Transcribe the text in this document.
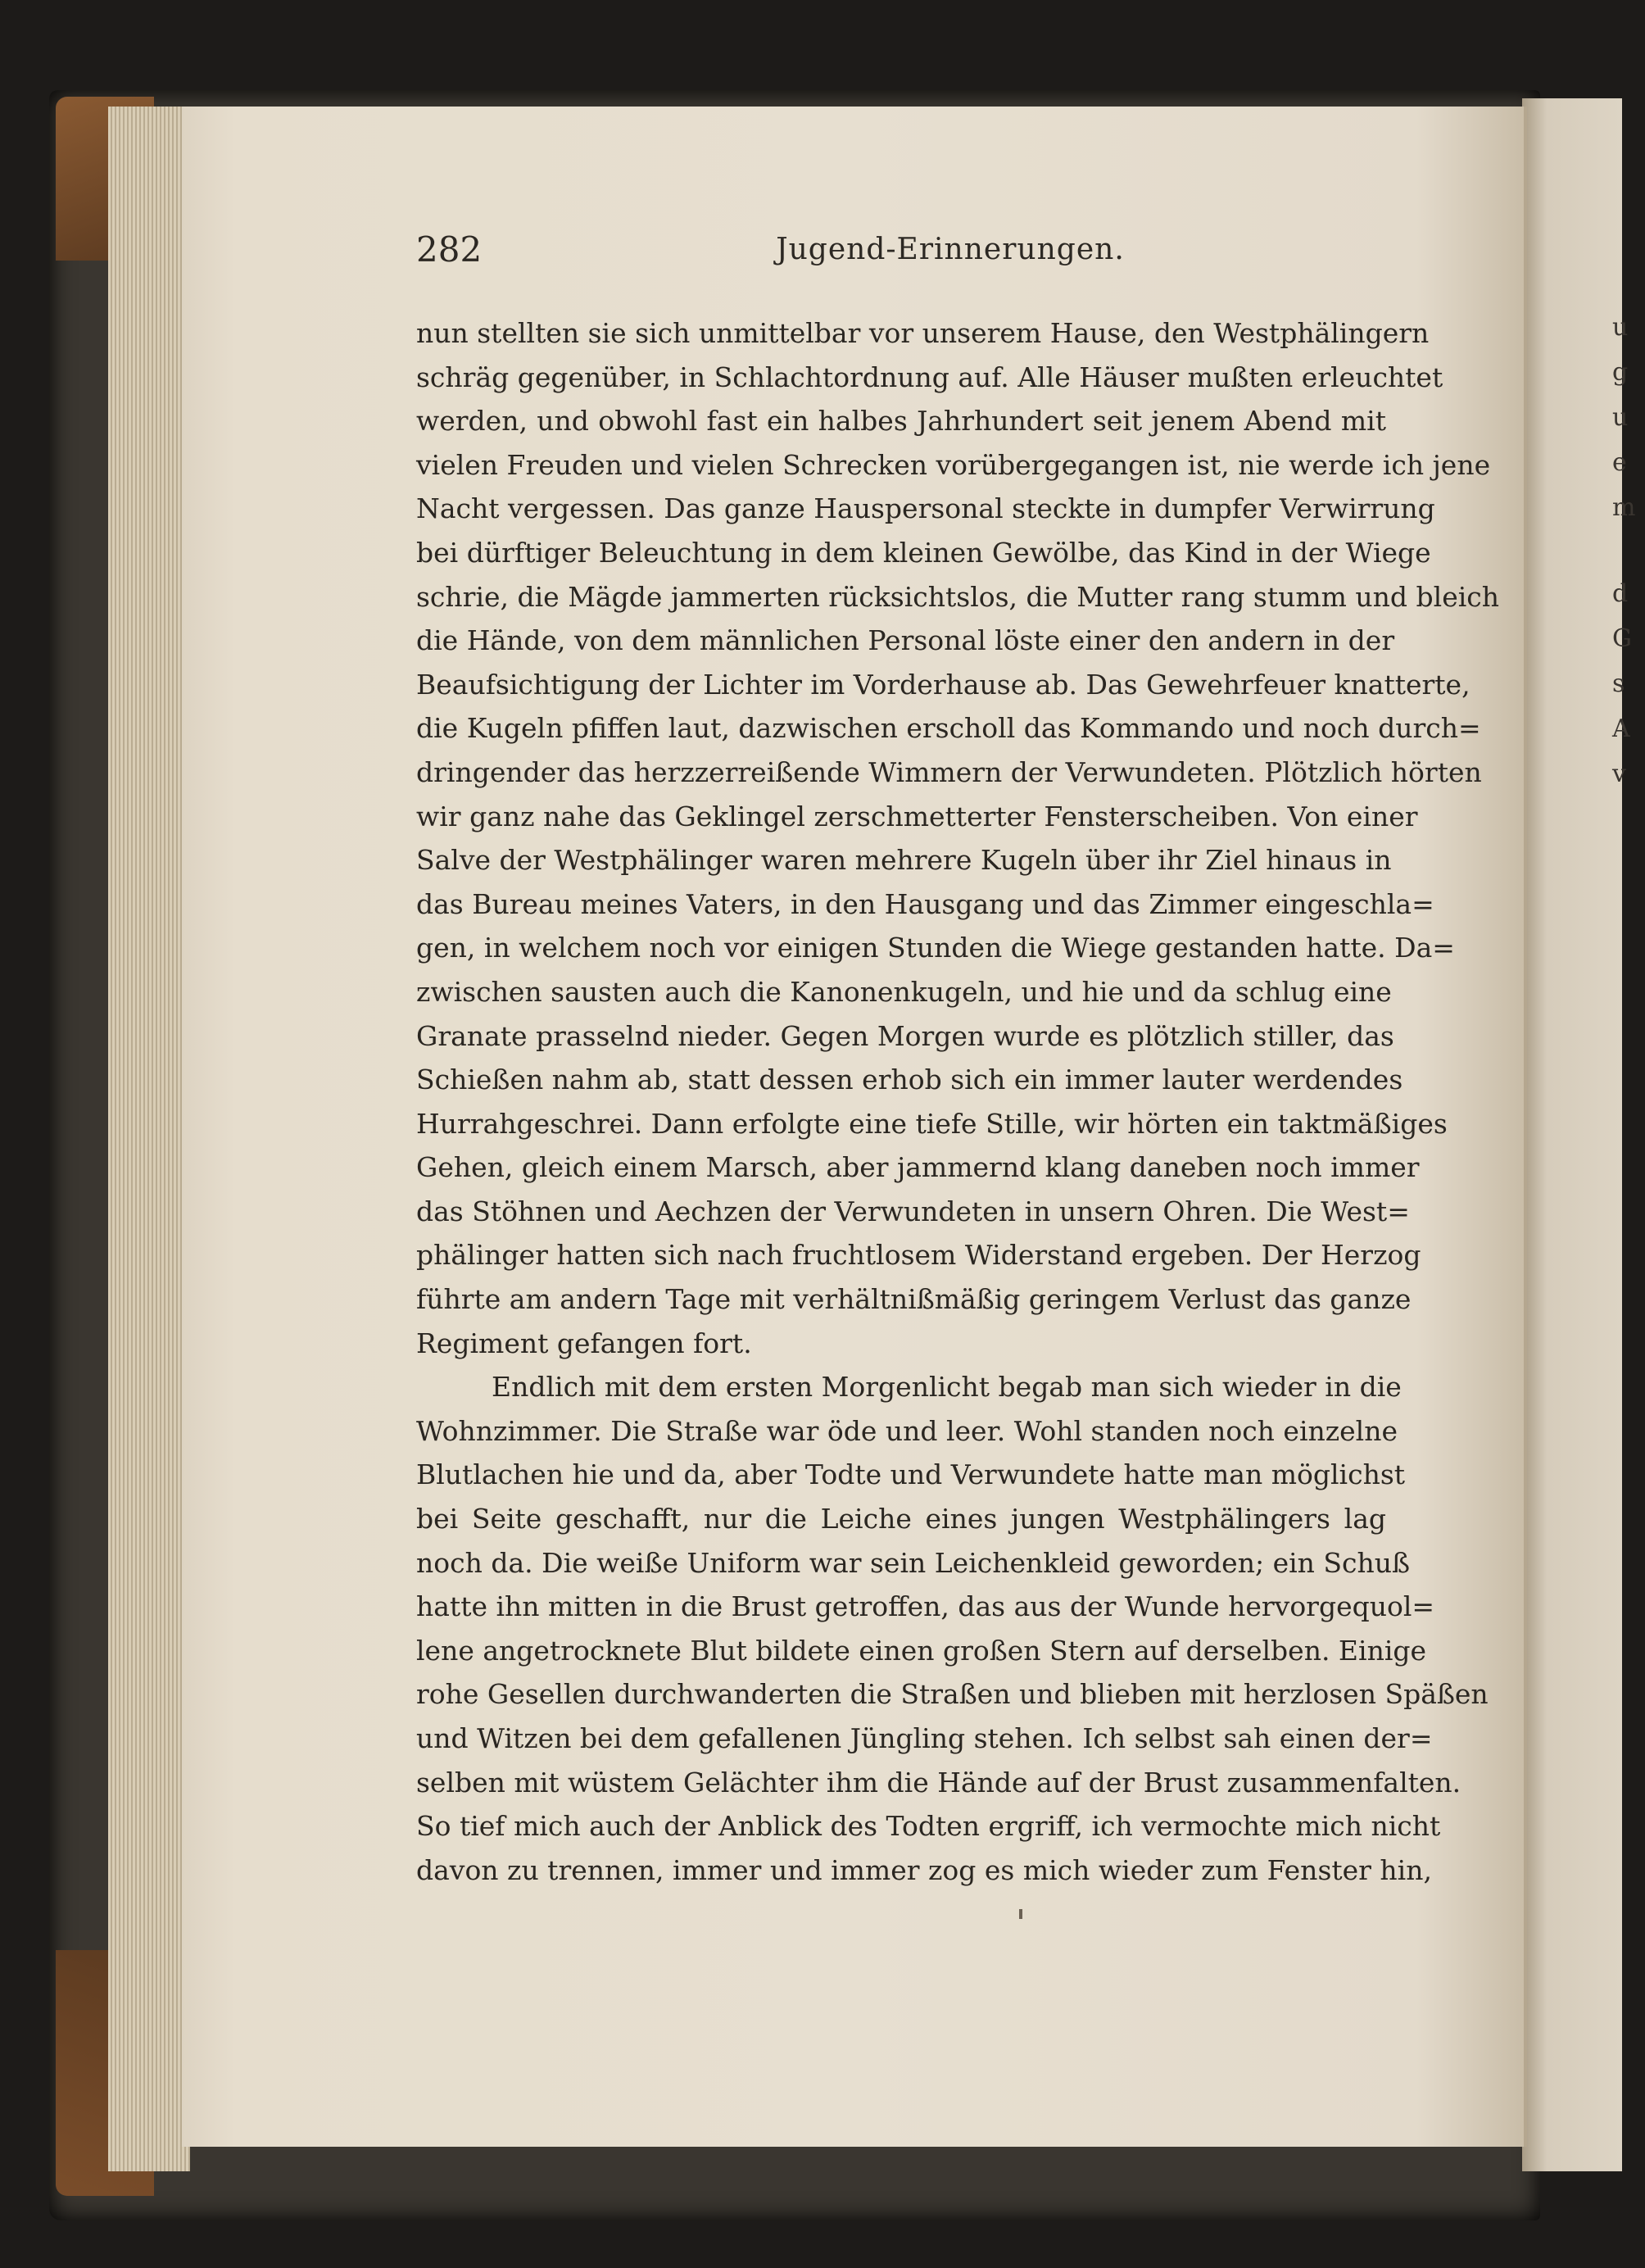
u
g
u
e
m
d
G
s
A
v
282	Jugend-Erinnerungen.
nun stellten sie sich unmittelbar vor unserem Hause, den Westphälingern
schräg gegenüber, in Schlachtordnung auf. Alle Häuser mußten erleuchtet
werden, und obwohl fast ein halbes Jahrhundert seit jenem Abend mit
vielen Freuden und vielen Schrecken vorübergegangen ist, nie werde ich jene
Nacht vergessen. Das ganze Hauspersonal steckte in dumpfer Verwirrung
bei dürftiger Beleuchtung in dem kleinen Gewölbe, das Kind in der Wiege
schrie, die Mägde jammerten rücksichtslos, die Mutter rang stumm und bleich
die Hände, von dem männlichen Personal löste einer den andern in der
Beaufsichtigung der Lichter im Vorderhause ab. Das Gewehrfeuer knatterte,
die Kugeln pfiffen laut, dazwischen erscholl das Kommando und noch durch=
dringender das herzzerreißende Wimmern der Verwundeten. Plötzlich hörten
wir ganz nahe das Geklingel zerschmetterter Fensterscheiben. Von einer
Salve der Westphälinger waren mehrere Kugeln über ihr Ziel hinaus in
das Bureau meines Vaters, in den Hausgang und das Zimmer eingeschla=
gen, in welchem noch vor einigen Stunden die Wiege gestanden hatte. Da=
zwischen sausten auch die Kanonenkugeln, und hie und da schlug eine
Granate prasselnd nieder. Gegen Morgen wurde es plötzlich stiller, das
Schießen nahm ab, statt dessen erhob sich ein immer lauter werdendes
Hurrahgeschrei. Dann erfolgte eine tiefe Stille, wir hörten ein taktmäßiges
Gehen, gleich einem Marsch, aber jammernd klang daneben noch immer
das Stöhnen und Aechzen der Verwundeten in unsern Ohren. Die West=
phälinger hatten sich nach fruchtlosem Widerstand ergeben. Der Herzog
führte am andern Tage mit verhältnißmäßig geringem Verlust das ganze
Regiment gefangen fort.
Endlich mit dem ersten Morgenlicht begab man sich wieder in die
Wohnzimmer. Die Straße war öde und leer. Wohl standen noch einzelne
Blutlachen hie und da, aber Todte und Verwundete hatte man möglichst
bei Seite geschafft, nur die Leiche eines jungen Westphälingers lag
noch da. Die weiße Uniform war sein Leichenkleid geworden; ein Schuß
hatte ihn mitten in die Brust getroffen, das aus der Wunde hervorgequol=
lene angetrocknete Blut bildete einen großen Stern auf derselben. Einige
rohe Gesellen durchwanderten die Straßen und blieben mit herzlosen Späßen
und Witzen bei dem gefallenen Jüngling stehen. Ich selbst sah einen der=
selben mit wüstem Gelächter ihm die Hände auf der Brust zusammenfalten.
So tief mich auch der Anblick des Todten ergriff, ich vermochte mich nicht
davon zu trennen, immer und immer zog es mich wieder zum Fenster hin,
